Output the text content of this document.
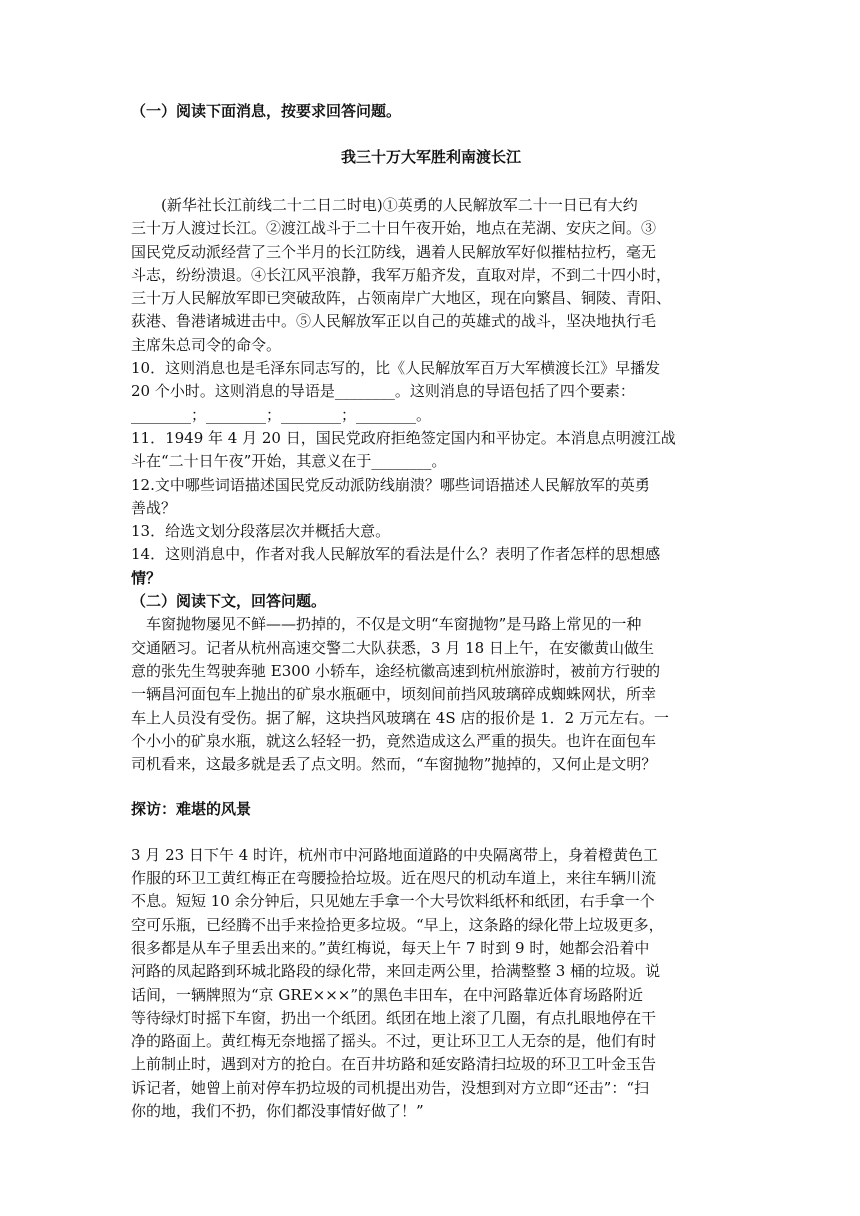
（一）阅读下面消息，按要求回答问题。
我三十万大军胜利南渡长江
　　(新华社长江前线二十二日二时电)①英勇的人民解放军二十一日已有大约
三十万人渡过长江。②渡江战斗于二十日午夜开始，地点在芜湖、安庆之间。③
国民党反动派经营了三个半月的长江防线，遇着人民解放军好似摧枯拉朽，毫无
斗志，纷纷溃退。④长江风平浪静，我军万船齐发，直取对岸，不到二十四小时，
三十万人民解放军即已突破敌阵，占领南岸广大地区，现在向繁昌、铜陵、青阳、
荻港、鲁港诸城进击中。⑤人民解放军正以自己的英雄式的战斗，坚决地执行毛
主席朱总司令的命令。
10．这则消息也是毛泽东同志写的，比《人民解放军百万大军横渡长江》早播发
20 个小时。这则消息的导语是________。这则消息的导语包括了四个要素：
________；________；________；________。
11．1949 年 4 月 20 日，国民党政府拒绝签定国内和平协定。本消息点明渡江战
斗在“二十日午夜”开始，其意义在于________。
12.文中哪些词语描述国民党反动派防线崩溃？哪些词语描述人民解放军的英勇
善战？
13．给选文划分段落层次并概括大意。
14．这则消息中，作者对我人民解放军的看法是什么？表明了作者怎样的思想感
情？
（二）阅读下文，回答问题。
　车窗抛物屡见不鲜——扔掉的，不仅是文明“车窗抛物”是马路上常见的一种
交通陋习。记者从杭州高速交警二大队获悉，3 月 18 日上午，在安徽黄山做生
意的张先生驾驶奔驰 E300 小轿车，途经杭徽高速到杭州旅游时，被前方行驶的
一辆昌河面包车上抛出的矿泉水瓶砸中，顷刻间前挡风玻璃碎成蜘蛛网状，所幸
车上人员没有受伤。据了解，这块挡风玻璃在 4S 店的报价是 1．2 万元左右。一
个小小的矿泉水瓶，就这么轻轻一扔，竟然造成这么严重的损失。也许在面包车
司机看来，这最多就是丢了点文明。然而，“车窗抛物”抛掉的，又何止是文明？
探访：难堪的风景
3 月 23 日下午 4 时许，杭州市中河路地面道路的中央隔离带上，身着橙黄色工
作服的环卫工黄红梅正在弯腰捡拾垃圾。近在咫尺的机动车道上，来往车辆川流
不息。短短 10 余分钟后，只见她左手拿一个大号饮料纸杯和纸团，右手拿一个
空可乐瓶，已经腾不出手来捡拾更多垃圾。“早上，这条路的绿化带上垃圾更多，
很多都是从车子里丢出来的。”黄红梅说，每天上午 7 时到 9 时，她都会沿着中
河路的凤起路到环城北路段的绿化带，来回走两公里，拾满整整 3 桶的垃圾。说
话间，一辆牌照为“京 GRE×××”的黑色丰田车，在中河路靠近体育场路附近
等待绿灯时摇下车窗，扔出一个纸团。纸团在地上滚了几圈，有点扎眼地停在干
净的路面上。黄红梅无奈地摇了摇头。不过，更让环卫工人无奈的是，他们有时
上前制止时，遇到对方的抢白。在百井坊路和延安路清扫垃圾的环卫工叶金玉告
诉记者，她曾上前对停车扔垃圾的司机提出劝告，没想到对方立即“还击”：“扫
你的地，我们不扔，你们都没事情好做了！”
